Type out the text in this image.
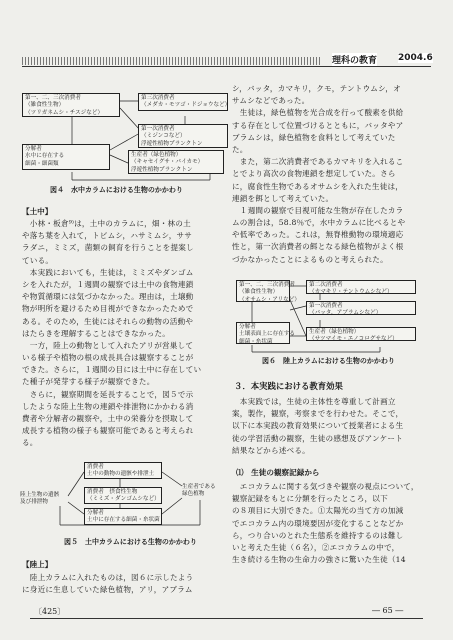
理科の教育 2004.6
第一、二、三次消費者
（雑食性生物）
（ツリガネムシ・チスジなど）
第三次消費者
（メダカ・モツゴ・ドジョウなど）
第一次消費者
（ミジンコなど）
浮遊性植物プランクトン
分解者
水中に存在する
細菌・細菌類
生産者（緑色植物）
（キャセイグサ・バイカモ）
浮遊性植物プランクトン
図４　水中カラムにおける生物のかかわり
【土中】
　小林・板倉⁹⁾は，土中のカラムに，畑・林の土
や落ち葉を入れて，トビムシ，ハサミムシ，ササ
ラダニ，ミミズ，菌類の飼育を行うことを提案し
ている。
　本実践においても，生徒は，ミミズやダンゴム
シを入れたが，１週間の観察では土中の食物連鎖
や物質循環には気づかなかった。理由は，土壌動
物が明所を避けるため目視ができなかったためで
ある。そのため，生徒にはそれらの動物の活動や
はたらきを理解することはできなかった。
　一方，陸上の動物として入れたアリが営巣して
いる様子や植物の根の成長具合は観察することが
できた。さらに，１週間の目には土中に存在してい
た種子が発芽する様子が観察できた。
　さらに，観察期間を延長することで，図５で示
したような陸上生物の連鎖や排泄物にかかわる消
費者や分解者の観察や，土中の栄養分を摂取して
成長する植物の様子も観察可能であると考えられ
る。
消費者
土中の動物の遺骸や排泄土
消費者　摂食性生物
（ミミズ・ダンゴムシなど）
分解者
土中に存在する細菌・糸状菌
陸上生物の遺骸
及び排泄物
生産者である
緑色植物
図５　土中カラムにおける生物のかかわり
【陸上】
　陸上カラムに入れたものは，図６に示したよう
に身近に生息していた緑色植物，アリ，アブラム
シ，バッタ，カマキリ，クモ，テントウムシ，オ
サムシなどであった。
　生徒は，緑色植物を光合成を行って酸素を供給
する存在として位置づけるとともに，バッタやア
ブラムシは，緑色植物を食料として考えていた
た。
　また，第二次消費者であるカマキリを入れるこ
とでより高次の食物連鎖を想定していた。さら
に，腐食性生物であるオサムシを入れた生徒は，
連鎖を餌として考えていた。
　１週間の観察で目視可能な生物が存在したカラ
ムの割合は，58.8％で，水中カラムに比べるとや
や低率であった。これは，無脊椎動物の環境適応
性と，第一次消費者の餌となる緑色植物がよく根
づかなかったことによるものと考えられた。
第一、二、三次消費者
（雑食性生物）
（オサムシ・アリなど）
第二次消費者
（カマキリ・テントウムシなど）
第一次消費者
（バッタ，アブラムシなど）
分解者
土壌表面上に存在する
細菌・糸状菌
生産者（緑色植物）
（サツマイモ・エノコログサなど）
図６　陸上カラムにおける生物のかかわり
３．本実践における教育効果
　本実践では，生徒の主体性を尊重して計画立
案，製作，観察，考察までを行わせた。そこで，
以下に本実践の教育効果について授業者による生
徒の学習活動の観察，生徒の感想及びアンケート
結果などから述べる。
⑴　生徒の観察記録から
　エコカラムに関する気づきや観察の視点について，
観察記録をもとに分類を行ったところ，以下
の８項目に大別できた。①太陽光の当て方の加減
でエコカラム内の環境要因が変化することなどか
ら，つり合いのとれた生態系を維持するのは難し
いと考えた生徒（６名），②エコカラムの中で，
生き続ける生物の生命力の強さに驚いた生徒（14
〔425〕	― 65 ―
